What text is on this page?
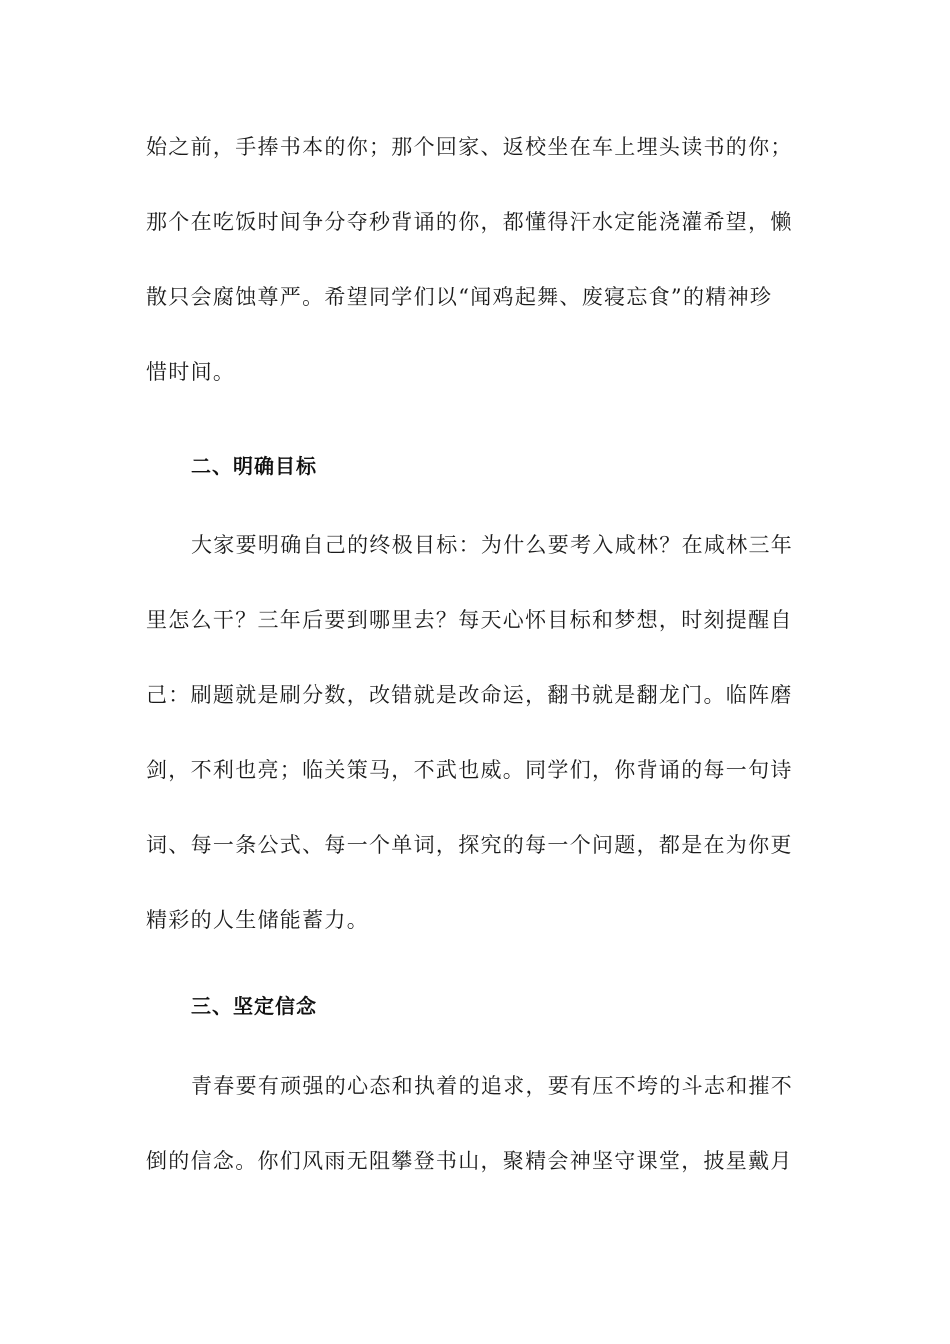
始之前，手捧书本的你；那个回家、返校坐在车上埋头读书的你；
那个在吃饭时间争分夺秒背诵的你，都懂得汗水定能浇灌希望，懒
散只会腐蚀尊严。希望同学们以“闻鸡起舞、废寝忘食”的精神珍
惜时间。
二、明确目标
大家要明确自己的终极目标：为什么要考入咸林？在咸林三年
里怎么干？三年后要到哪里去？每天心怀目标和梦想，时刻提醒自
己：刷题就是刷分数，改错就是改命运，翻书就是翻龙门。临阵磨
剑，不利也亮；临关策马，不武也威。同学们，你背诵的每一句诗
词、每一条公式、每一个单词，探究的每一个问题，都是在为你更
精彩的人生储能蓄力。
三、坚定信念
青春要有顽强的心态和执着的追求，要有压不垮的斗志和摧不
倒的信念。你们风雨无阻攀登书山，聚精会神坚守课堂，披星戴月
